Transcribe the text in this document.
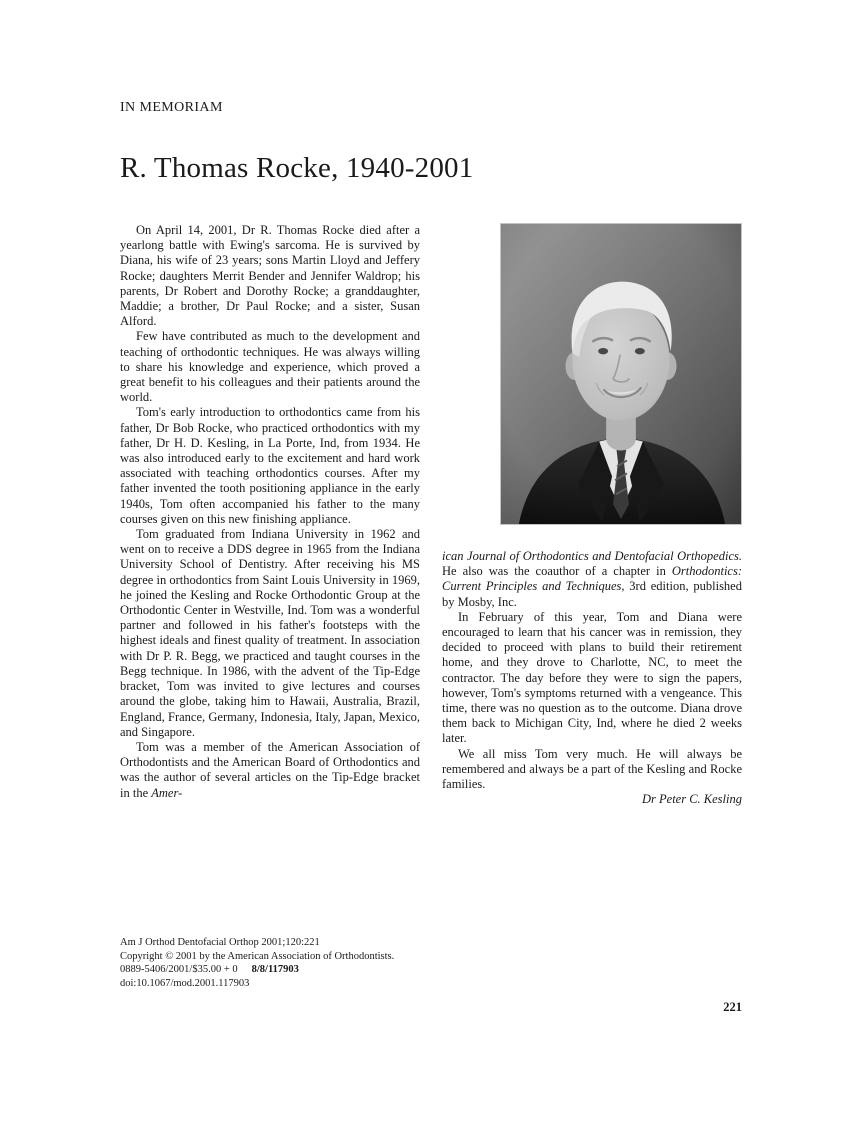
IN MEMORIAM
R. Thomas Rocke, 1940-2001

On April 14, 2001, Dr R. Thomas Rocke died after a yearlong battle with Ewing's sarcoma. He is survived by Diana, his wife of 23 years; sons Martin Lloyd and Jeffery Rocke; daughters Merrit Bender and Jennifer Waldrop; his parents, Dr Robert and Dorothy Rocke; a granddaughter, Maddie; a brother, Dr Paul Rocke; and a sister, Susan Alford.

Few have contributed as much to the development and teaching of orthodontic techniques. He was always willing to share his knowledge and experience, which proved a great benefit to his colleagues and their patients around the world.

Tom's early introduction to orthodontics came from his father, Dr Bob Rocke, who practiced orthodontics with my father, Dr H. D. Kesling, in La Porte, Ind, from 1934. He was also introduced early to the excitement and hard work associated with teaching orthodontics courses. After my father invented the tooth positioning appliance in the early 1940s, Tom often accompanied his father to the many courses given on this new finishing appliance.

Tom graduated from Indiana University in 1962 and went on to receive a DDS degree in 1965 from the Indiana University School of Dentistry. After receiving his MS degree in orthodontics from Saint Louis University in 1969, he joined the Kesling and Rocke Orthodontic Group at the Orthodontic Center in Westville, Ind. Tom was a wonderful partner and followed in his father's footsteps with the highest ideals and finest quality of treatment. In association with Dr P. R. Begg, we practiced and taught courses in the Begg technique. In 1986, with the advent of the Tip-Edge bracket, Tom was invited to give lectures and courses around the globe, taking him to Hawaii, Australia, Brazil, England, France, Germany, Indonesia, Italy, Japan, Mexico, and Singapore.

Tom was a member of the American Association of Orthodontists and the American Board of Orthodontics and was the author of several articles on the Tip-Edge bracket in the Amer-

ican Journal of Orthodontics and Dentofacial Orthopedics. He also was the coauthor of a chapter in Orthodontics: Current Principles and Techniques, 3rd edition, published by Mosby, Inc.

In February of this year, Tom and Diana were encouraged to learn that his cancer was in remission, they decided to proceed with plans to build their retirement home, and they drove to Charlotte, NC, to meet the contractor. The day before they were to sign the papers, however, Tom's symptoms returned with a vengeance. This time, there was no question as to the outcome. Diana drove them back to Michigan City, Ind, where he died 2 weeks later.

We all miss Tom very much. He will always be remembered and always be a part of the Kesling and Rocke families.

Dr Peter C. Kesling

Am J Orthod Dentofacial Orthop 2001;120:221
Copyright © 2001 by the American Association of Orthodontists.
0889-5406/2001/$35.00 + 0 8/8/117903
doi:10.1067/mod.2001.117903
221
